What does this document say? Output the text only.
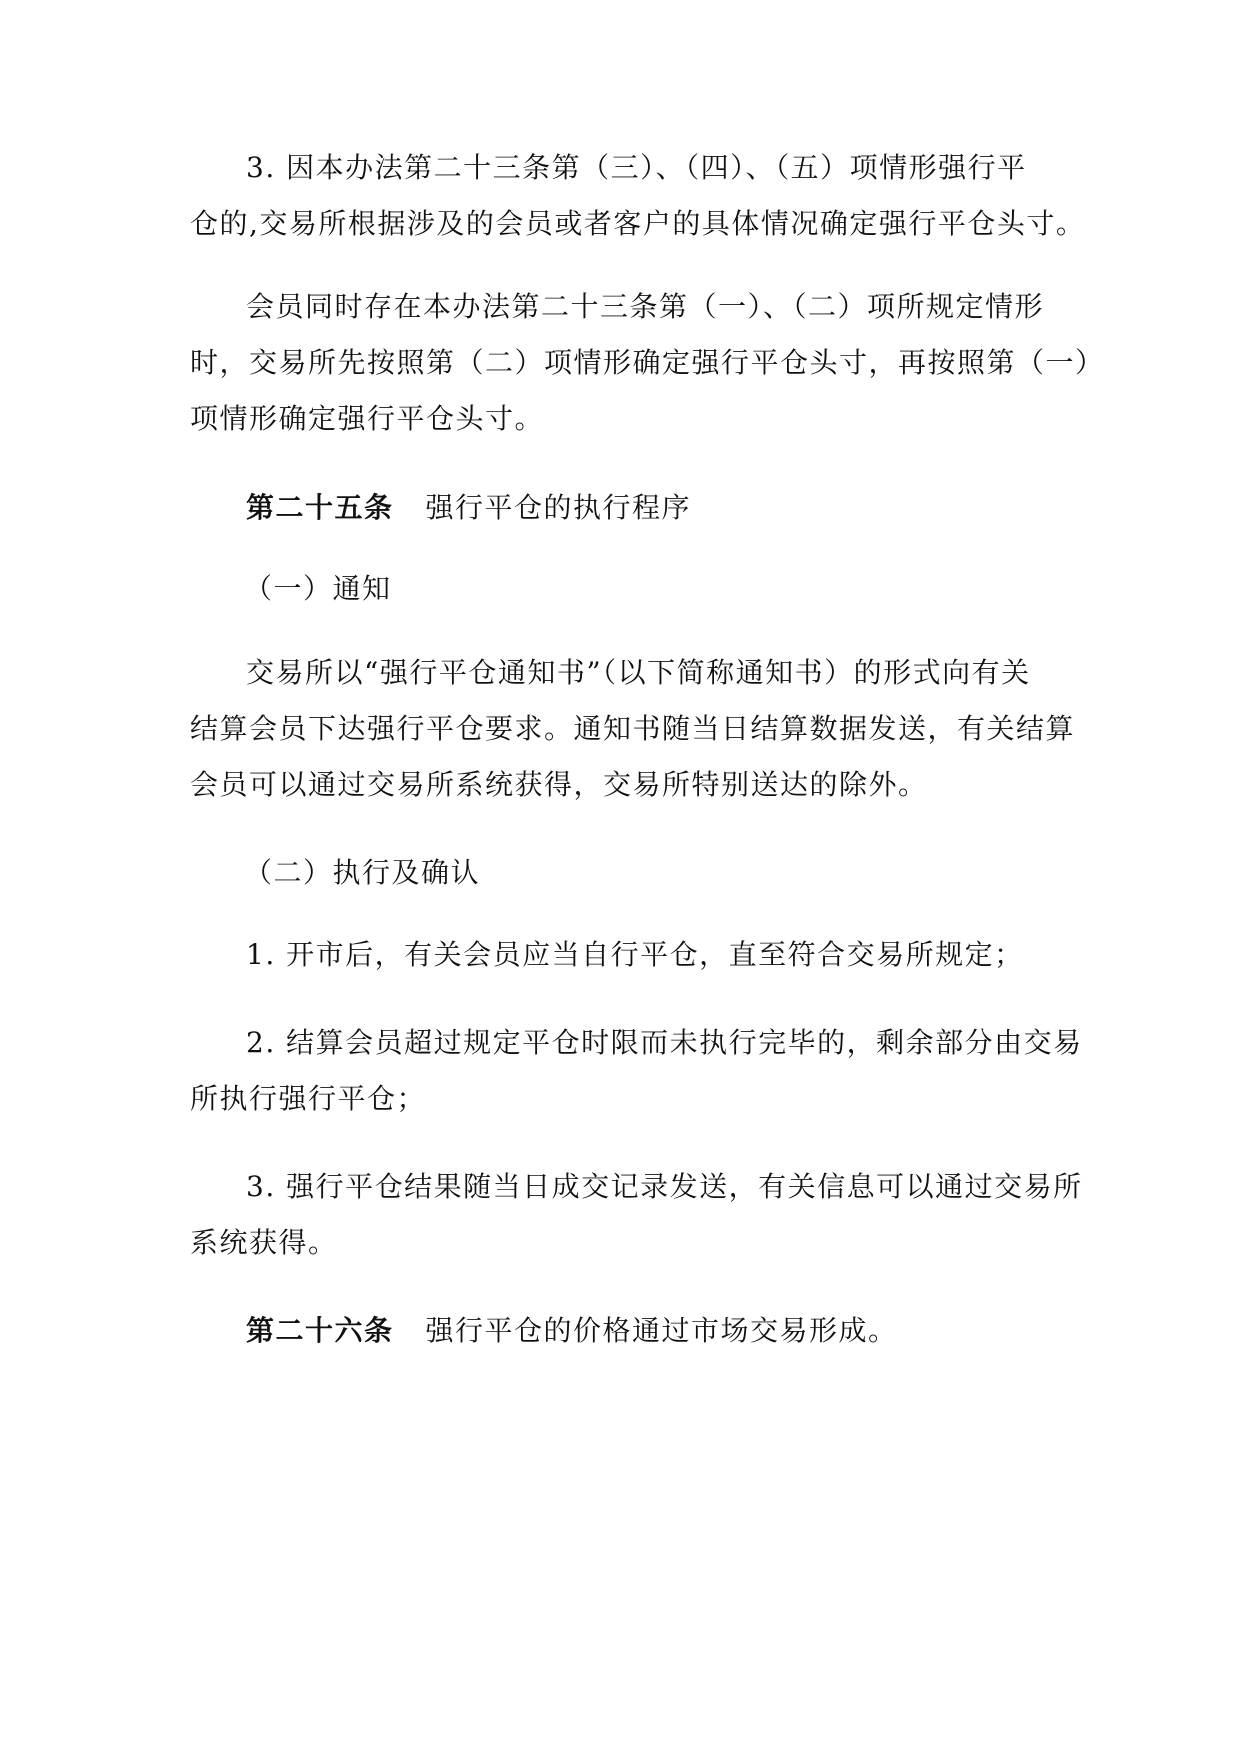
3. 因本办法第二十三条第（三）、（四）、（五）项情形强行平
仓的,交易所根据涉及的会员或者客户的具体情况确定强行平仓头寸。
会员同时存在本办法第二十三条第（一）、（二）项所规定情形
时，交易所先按照第（二）项情形确定强行平仓头寸，再按照第（一）
项情形确定强行平仓头寸。
第二十五条 强行平仓的执行程序
（一）通知
交易所以“强行平仓通知书”（以下简称通知书）的形式向有关
结算会员下达强行平仓要求。通知书随当日结算数据发送，有关结算
会员可以通过交易所系统获得，交易所特别送达的除外。
（二）执行及确认
1. 开市后，有关会员应当自行平仓，直至符合交易所规定；
2. 结算会员超过规定平仓时限而未执行完毕的，剩余部分由交易
所执行强行平仓；
3. 强行平仓结果随当日成交记录发送，有关信息可以通过交易所
系统获得。
第二十六条 强行平仓的价格通过市场交易形成。
